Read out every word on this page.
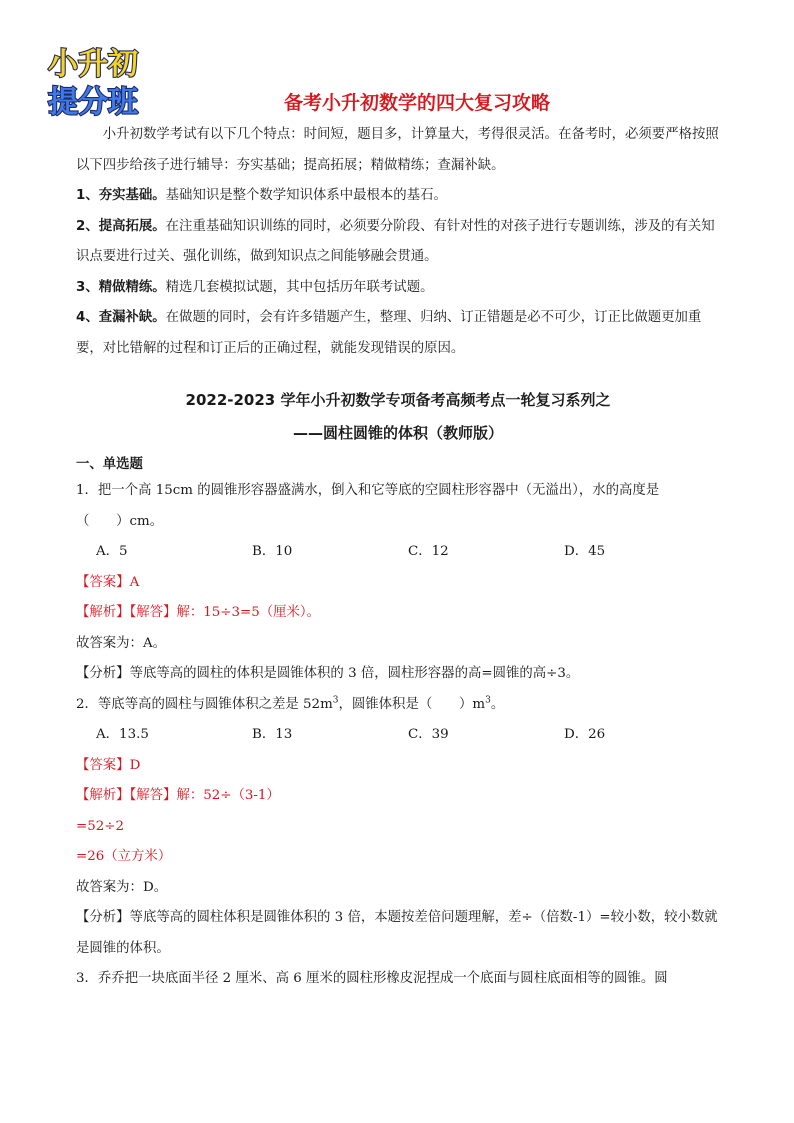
小升初
提分班	备考小升初数学的四大复习攻略

小升初数学考试有以下几个特点：时间短，题目多，计算量大，考得很灵活。在备考时，必须要严格按照以下四步给孩子进行辅导：夯实基础；提高拓展；精做精练；查漏补缺。

1、夯实基础。基础知识是整个数学知识体系中最根本的基石。

2、提高拓展。在注重基础知识训练的同时，必须要分阶段、有针对性的对孩子进行专题训练，涉及的有关知识点要进行过关、强化训练，做到知识点之间能够融会贯通。

3、精做精练。精选几套模拟试题，其中包括历年联考试题。

4、查漏补缺。在做题的同时，会有许多错题产生，整理、归纳、订正错题是必不可少，订正比做题更加重要，对比错解的过程和订正后的正确过程，就能发现错误的原因。

2022-2023 学年小升初数学专项备考高频考点一轮复习系列之
——圆柱圆锥的体积（教师版）
一、单选题
1．把一个高 15cm 的圆锥形容器盛满水，倒入和它等底的空圆柱形容器中（无溢出），水的高度是
（　　）cm。
A．5	B．10	C．12	D．45
【答案】A
【解析】【解答】解：15÷3=5（厘米）。
故答案为：A。
【分析】等底等高的圆柱的体积是圆锥体积的 3 倍，圆柱形容器的高=圆锥的高÷3。
2．等底等高的圆柱与圆锥体积之差是 $52m^3$，圆锥体积是（　　）$m^3$。
A．13.5	B．13	C．39	D．26
【答案】D
【解析】【解答】解：52÷（3-1）
=52÷2
=26（立方米）
故答案为：D。
【分析】等底等高的圆柱体积是圆锥体积的 3 倍，本题按差倍问题理解，差÷（倍数-1）=较小数，较小数就是圆锥的体积。
3．乔乔把一块底面半径 2 厘米、高 6 厘米的圆柱形橡皮泥捏成一个底面与圆柱底面相等的圆锥。圆
